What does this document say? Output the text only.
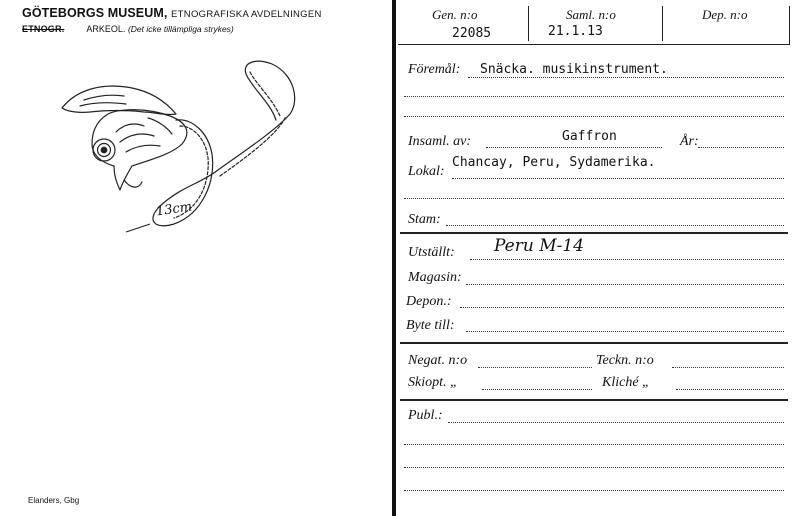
GÖTEBORGS MUSEUM, ETNOGRAFISKA AVDELNINGEN
ETNOGR. ARKEOL. (Det icke tillämpliga strykes)
13cm
Elanders, Gbg
Gen. n:o	Saml. n:o	Dep. n:o
22085	21.1.13
Föremål: Snäcka. musikinstrument.
Insaml. av:	Gaffron	År:
Lokal:
Chancay, Peru, Sydamerika.
Stam:
Utställt: Peru M-14
Magasin:
Depon.:
Byte till:
Negat. n:o	Teckn. n:o
Skiopt. „	Kliché „
Publ.:
